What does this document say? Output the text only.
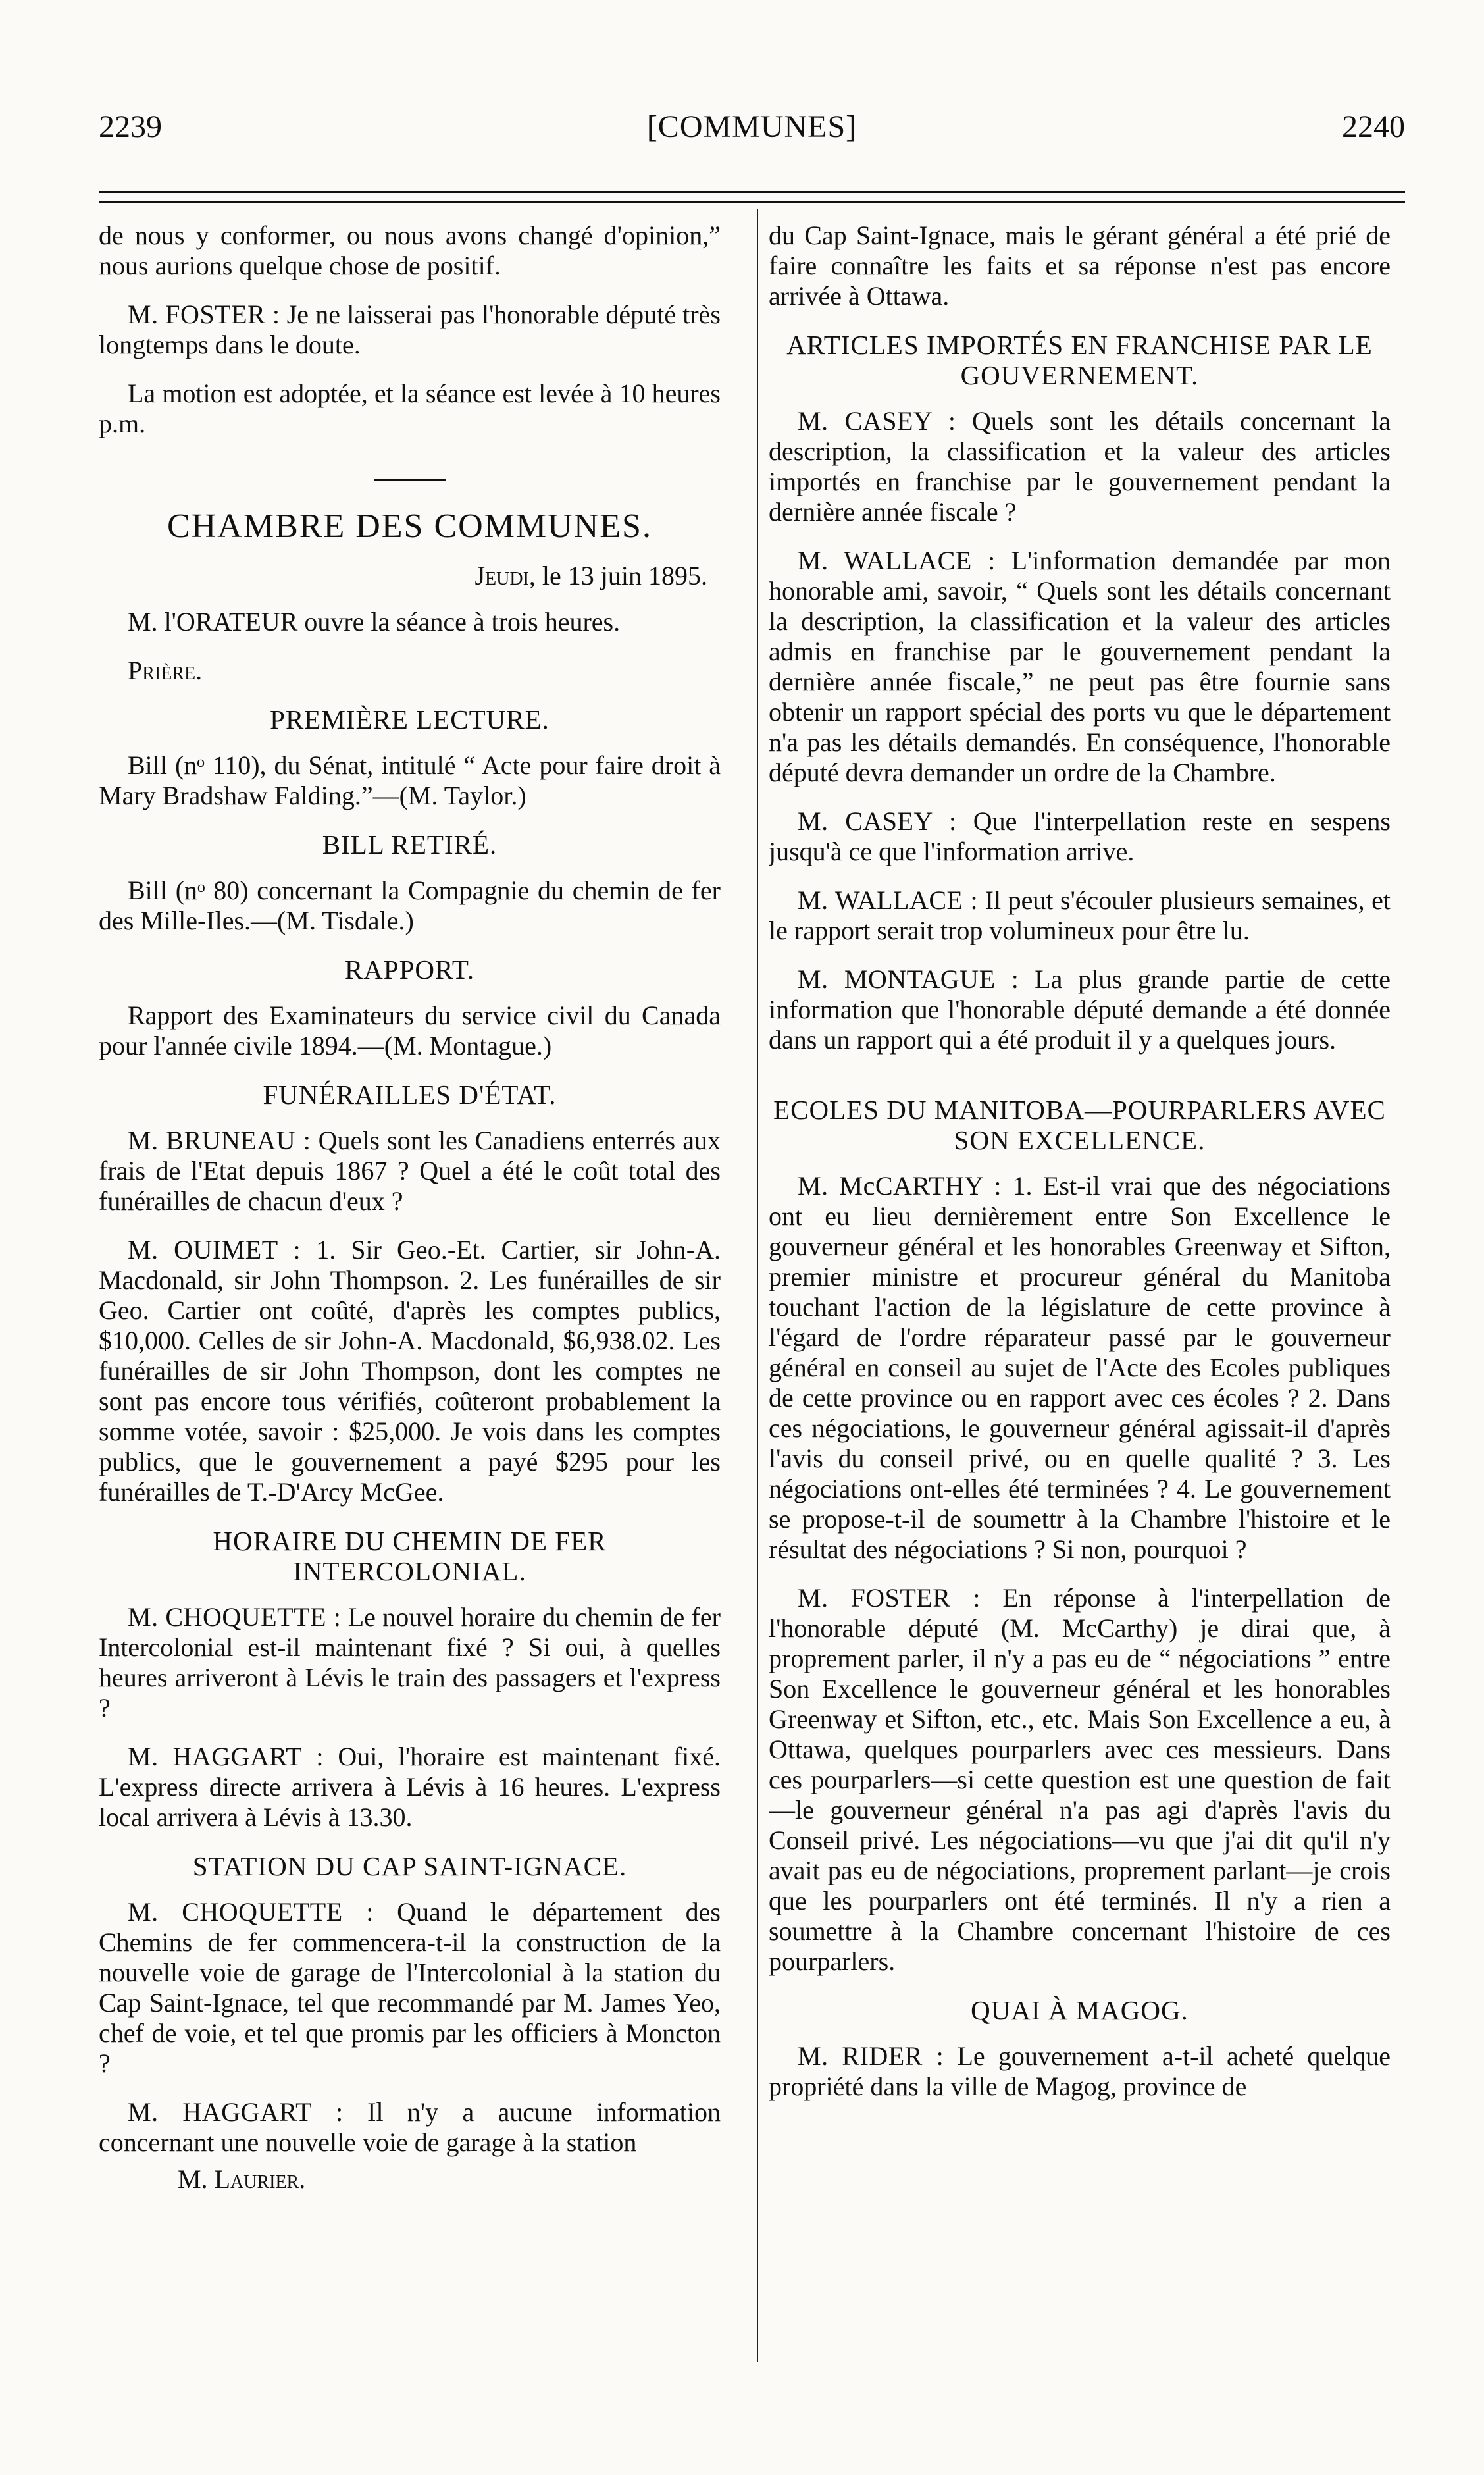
2239	[COMMUNES]	2240

de nous y conformer, ou nous avons changé d'opinion,” nous aurions quelque chose de positif.

M. FOSTER : Je ne laisserai pas l'honorable député très longtemps dans le doute.

La motion est adoptée, et la séance est levée à 10 heures p.m.

CHAMBRE DES COMMUNES.

Jeudi, le 13 juin 1895.

M. l'ORATEUR ouvre la séance à trois heures.

Prière.

PREMIÈRE LECTURE.

Bill (nᵒ 110), du Sénat, intitulé “ Acte pour faire droit à Mary Bradshaw Falding.”—(M. Taylor.)

BILL RETIRÉ.

Bill (nᵒ 80) concernant la Compagnie du chemin de fer des Mille-Iles.—(M. Tisdale.)

RAPPORT.

Rapport des Examinateurs du service civil du Canada pour l'année civile 1894.—(M. Montague.)

FUNÉRAILLES D'ÉTAT.

M. BRUNEAU : Quels sont les Canadiens enterrés aux frais de l'Etat depuis 1867 ? Quel a été le coût total des funérailles de chacun d'eux ?

M. OUIMET : 1. Sir Geo.-Et. Cartier, sir John-A. Macdonald, sir John Thompson. 2. Les funérailles de sir Geo. Cartier ont coûté, d'après les comptes publics, $10,000. Celles de sir John-A. Macdonald, $6,938.02. Les funérailles de sir John Thompson, dont les comptes ne sont pas encore tous vérifiés, coûteront probablement la somme votée, savoir : $25,000. Je vois dans les comptes publics, que le gouvernement a payé $295 pour les funérailles de T.-D'Arcy McGee.

HORAIRE DU CHEMIN DE FER INTERCOLONIAL.

M. CHOQUETTE : Le nouvel horaire du chemin de fer Intercolonial est-il maintenant fixé ? Si oui, à quelles heures arriveront à Lévis le train des passagers et l'express ?

M. HAGGART : Oui, l'horaire est maintenant fixé. L'express directe arrivera à Lévis à 16 heures. L'express local arrivera à Lévis à 13.30.

STATION DU CAP SAINT-IGNACE.

M. CHOQUETTE : Quand le département des Chemins de fer commencera-t-il la construction de la nouvelle voie de garage de l'Intercolonial à la station du Cap Saint-Ignace, tel que recommandé par M. James Yeo, chef de voie, et tel que promis par les officiers à Moncton ?

M. HAGGART : Il n'y a aucune information concernant une nouvelle voie de garage à la station

M. Laurier.

du Cap Saint-Ignace, mais le gérant général a été prié de faire connaître les faits et sa réponse n'est pas encore arrivée à Ottawa.

ARTICLES IMPORTÉS EN FRANCHISE PAR LE GOUVERNEMENT.

M. CASEY : Quels sont les détails concernant la description, la classification et la valeur des articles importés en franchise par le gouvernement pendant la dernière année fiscale ?

M. WALLACE : L'information demandée par mon honorable ami, savoir, “ Quels sont les détails concernant la description, la classification et la valeur des articles admis en franchise par le gouvernement pendant la dernière année fiscale,” ne peut pas être fournie sans obtenir un rapport spécial des ports vu que le département n'a pas les détails demandés. En conséquence, l'honorable député devra demander un ordre de la Chambre.

M. CASEY : Que l'interpellation reste en sespens jusqu'à ce que l'information arrive.

M. WALLACE : Il peut s'écouler plusieurs semaines, et le rapport serait trop volumineux pour être lu.

M. MONTAGUE : La plus grande partie de cette information que l'honorable député demande a été donnée dans un rapport qui a été produit il y a quelques jours.

ECOLES DU MANITOBA—POURPARLERS AVEC SON EXCELLENCE.

M. McCARTHY : 1. Est-il vrai que des négociations ont eu lieu dernièrement entre Son Excellence le gouverneur général et les honorables Greenway et Sifton, premier ministre et procureur général du Manitoba touchant l'action de la législature de cette province à l'égard de l'ordre réparateur passé par le gouverneur général en conseil au sujet de l'Acte des Ecoles publiques de cette province ou en rapport avec ces écoles ? 2. Dans ces négociations, le gouverneur général agissait-il d'après l'avis du conseil privé, ou en quelle qualité ? 3. Les négociations ont-elles été terminées ? 4. Le gouvernement se propose-t-il de soumettr à la Chambre l'histoire et le résultat des négociations ? Si non, pourquoi ?

M. FOSTER : En réponse à l'interpellation de l'honorable député (M. McCarthy) je dirai que, à proprement parler, il n'y a pas eu de “ négociations ” entre Son Excellence le gouverneur général et les honorables Greenway et Sifton, etc., etc. Mais Son Excellence a eu, à Ottawa, quelques pourparlers avec ces messieurs. Dans ces pourparlers—si cette question est une question de fait—le gouverneur général n'a pas agi d'après l'avis du Conseil privé. Les négociations—vu que j'ai dit qu'il n'y avait pas eu de négociations, proprement parlant—je crois que les pourparlers ont été terminés. Il n'y a rien a soumettre à la Chambre concernant l'histoire de ces pourparlers.

QUAI À MAGOG.

M. RIDER : Le gouvernement a-t-il acheté quelque propriété dans la ville de Magog, province de
